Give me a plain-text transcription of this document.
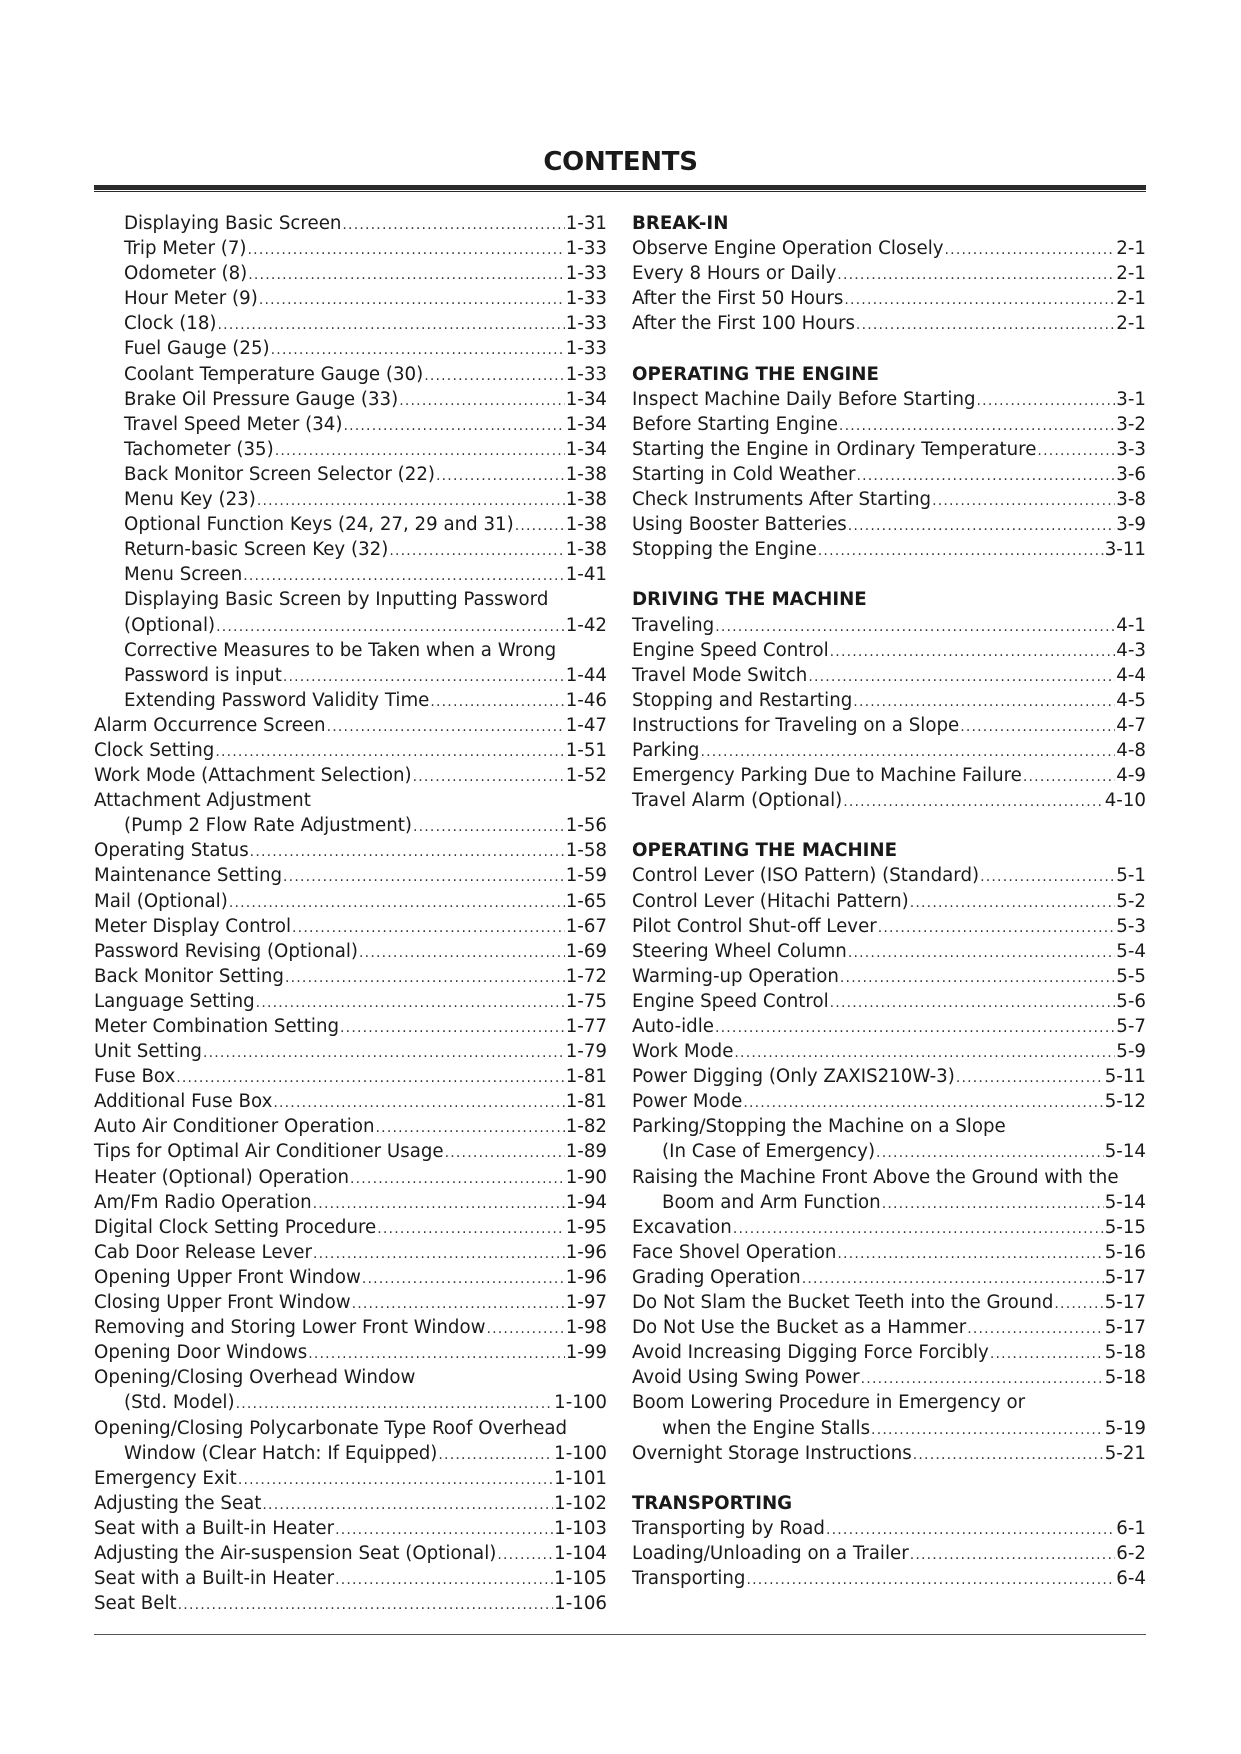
CONTENTS
Displaying Basic Screen .....	1-31
Trip Meter (7) .....	1-33
Odometer (8) .....	1-33
Hour Meter (9) .....	1-33
Clock (18) .....	1-33
Fuel Gauge (25) .....	1-33
Coolant Temperature Gauge (30) .....	1-33
Brake Oil Pressure Gauge (33) .....	1-34
Travel Speed Meter (34) .....	1-34
Tachometer (35) .....	1-34
Back Monitor Screen Selector (22) .....	1-38
Menu Key (23) .....	1-38
Optional Function Keys (24, 27, 29 and 31) .....	1-38
Return-basic Screen Key (32) .....	1-38
Menu Screen .....	1-41
Displaying Basic Screen by Inputting Password
(Optional) .....	1-42
Corrective Measures to be Taken when a Wrong
Password is input .....	1-44
Extending Password Validity Time .....	1-46
Alarm Occurrence Screen .....	1-47
Clock Setting .....	1-51
Work Mode (Attachment Selection) .....	1-52
Attachment Adjustment
(Pump 2 Flow Rate Adjustment) .....	1-56
Operating Status .....	1-58
Maintenance Setting .....	1-59
Mail (Optional) .....	1-65
Meter Display Control .....	1-67
Password Revising (Optional) .....	1-69
Back Monitor Setting .....	1-72
Language Setting .....	1-75
Meter Combination Setting .....	1-77
Unit Setting .....	1-79
Fuse Box .....	1-81
Additional Fuse Box .....	1-81
Auto Air Conditioner Operation .....	1-82
Tips for Optimal Air Conditioner Usage .....	1-89
Heater (Optional) Operation .....	1-90
Am/Fm Radio Operation .....	1-94
Digital Clock Setting Procedure .....	1-95
Cab Door Release Lever .....	1-96
Opening Upper Front Window .....	1-96
Closing Upper Front Window .....	1-97
Removing and Storing Lower Front Window .....	1-98
Opening Door Windows .....	1-99
Opening/Closing Overhead Window
(Std. Model) .....	1-100
Opening/Closing Polycarbonate Type Roof Overhead
Window (Clear Hatch: If Equipped) .....	1-100
Emergency Exit .....	1-101
Adjusting the Seat .....	1-102
Seat with a Built-in Heater .....	1-103
Adjusting the Air-suspension Seat (Optional) .....	1-104
Seat with a Built-in Heater .....	1-105
Seat Belt .....	1-106
BREAK-IN
Observe Engine Operation Closely .....	2-1
Every 8 Hours or Daily .....	2-1
After the First 50 Hours .....	2-1
After the First 100 Hours .....	2-1
OPERATING THE ENGINE
Inspect Machine Daily Before Starting .....	3-1
Before Starting Engine .....	3-2
Starting the Engine in Ordinary Temperature .....	3-3
Starting in Cold Weather .....	3-6
Check Instruments After Starting .....	3-8
Using Booster Batteries .....	3-9
Stopping the Engine .....	3-11
DRIVING THE MACHINE
Traveling .....	4-1
Engine Speed Control .....	4-3
Travel Mode Switch .....	4-4
Stopping and Restarting .....	4-5
Instructions for Traveling on a Slope .....	4-7
Parking .....	4-8
Emergency Parking Due to Machine Failure .....	4-9
Travel Alarm (Optional) .....	4-10
OPERATING THE MACHINE
Control Lever (ISO Pattern) (Standard) .....	5-1
Control Lever (Hitachi Pattern) .....	5-2
Pilot Control Shut-off Lever .....	5-3
Steering Wheel Column .....	5-4
Warming-up Operation .....	5-5
Engine Speed Control .....	5-6
Auto-idle .....	5-7
Work Mode .....	5-9
Power Digging (Only ZAXIS210W-3) .....	5-11
Power Mode .....	5-12
Parking/Stopping the Machine on a Slope
(In Case of Emergency) .....	5-14
Raising the Machine Front Above the Ground with the
Boom and Arm Function .....	5-14
Excavation .....	5-15
Face Shovel Operation .....	5-16
Grading Operation .....	5-17
Do Not Slam the Bucket Teeth into the Ground .....	5-17
Do Not Use the Bucket as a Hammer .....	5-17
Avoid Increasing Digging Force Forcibly .....	5-18
Avoid Using Swing Power .....	5-18
Boom Lowering Procedure in Emergency or
when the Engine Stalls .....	5-19
Overnight Storage Instructions .....	5-21
TRANSPORTING
Transporting by Road .....	6-1
Loading/Unloading on a Trailer .....	6-2
Transporting .....	6-4
